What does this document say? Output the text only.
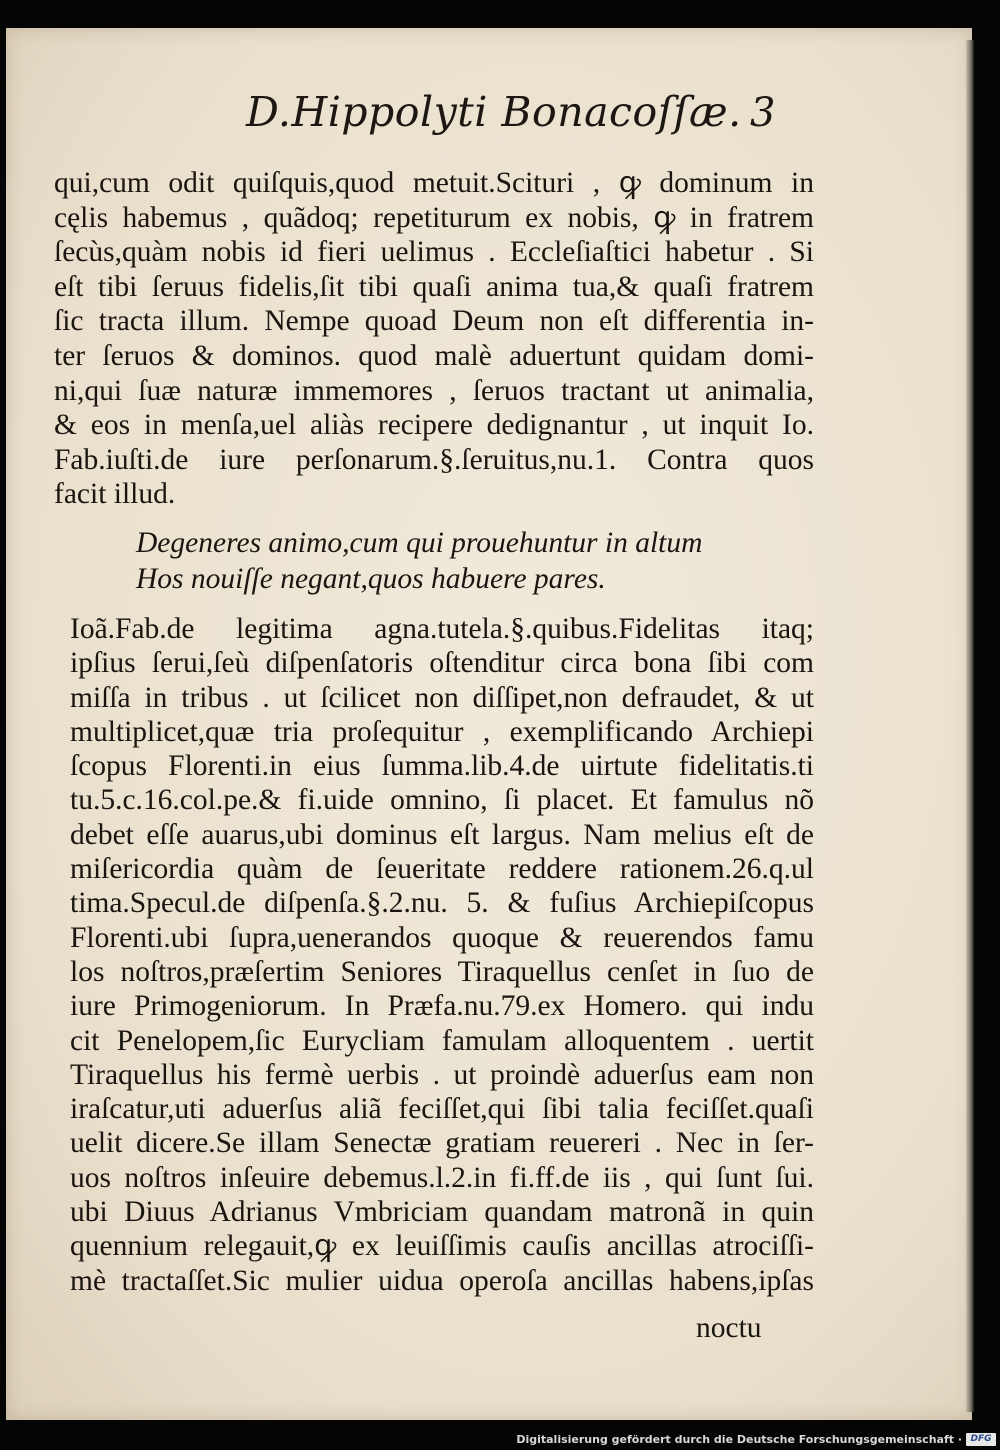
D.Hippolyti Bonacoſſæ. 3
qui,cum odit quiſquis,quod metuit.Scituri , ꝙ dominum in
cęlis habemus , quãdoq; repetiturum ex nobis, ꝙ in fratrem
ſecùs,quàm nobis id fieri uelimus . Eccleſiaſtici habetur . Si
eſt tibi ſeruus fidelis,ſit tibi quaſi anima tua,& quaſi fratrem
ſic tracta illum. Nempe quoad Deum non eſt differentia in-
ter ſeruos & dominos. quod malè aduertunt quidam domi-
ni,qui ſuæ naturæ immemores , ſeruos tractant ut animalia,
& eos in menſa,uel aliàs recipere dedignantur , ut inquit Io.
Fab.iuſti.de iure perſonarum.§.ſeruitus,nu.1. Contra quos
facit illud.
Degeneres animo,cum qui prouehuntur in altum
Hos nouiſſe negant,quos habuere pares.
Ioã.Fab.de legitima agna.tutela.§.quibus.Fidelitas itaq;
ipſius ſerui,ſeù diſpenſatoris oſtenditur circa bona ſibi com
miſſa in tribus . ut ſcilicet non diſſipet,non defraudet, & ut
multiplicet,quæ tria proſequitur , exemplificando Archiepi
ſcopus Florenti.in eius ſumma.lib.4.de uirtute fidelitatis.ti
tu.5.c.16.col.pe.& fi.uide omnino, ſi placet. Et famulus nõ
debet eſſe auarus,ubi dominus eſt largus. Nam melius eſt de
miſericordia quàm de ſeueritate reddere rationem.26.q.ul
tima.Specul.de diſpenſa.§.2.nu. 5. & fuſius Archiepiſcopus
Florenti.ubi ſupra,uenerandos quoque & reuerendos famu
los noſtros,præſertim Seniores Tiraquellus cenſet in ſuo de
iure Primogeniorum. In Præfa.nu.79.ex Homero. qui indu
cit Penelopem,ſic Eurycliam famulam alloquentem . uertit
Tiraquellus his fermè uerbis . ut proindè aduerſus eam non
iraſcatur,uti aduerſus aliã feciſſet,qui ſibi talia feciſſet.quaſi
uelit dicere.Se illam Senectæ gratiam reuereri . Nec in ſer-
uos noſtros inſeuire debemus.l.2.in fi.ff.de iis , qui ſunt ſui.
ubi Diuus Adrianus Vmbriciam quandam matronã in quin
quennium relegauit,ꝙ ex leuiſſimis cauſis ancillas atrociſſi-
mè tractaſſet.Sic mulier uidua operoſa ancillas habens,ipſas
noctu
Digitalisierung gefördert durch die Deutsche Forschungsgemeinschaft · DFG
